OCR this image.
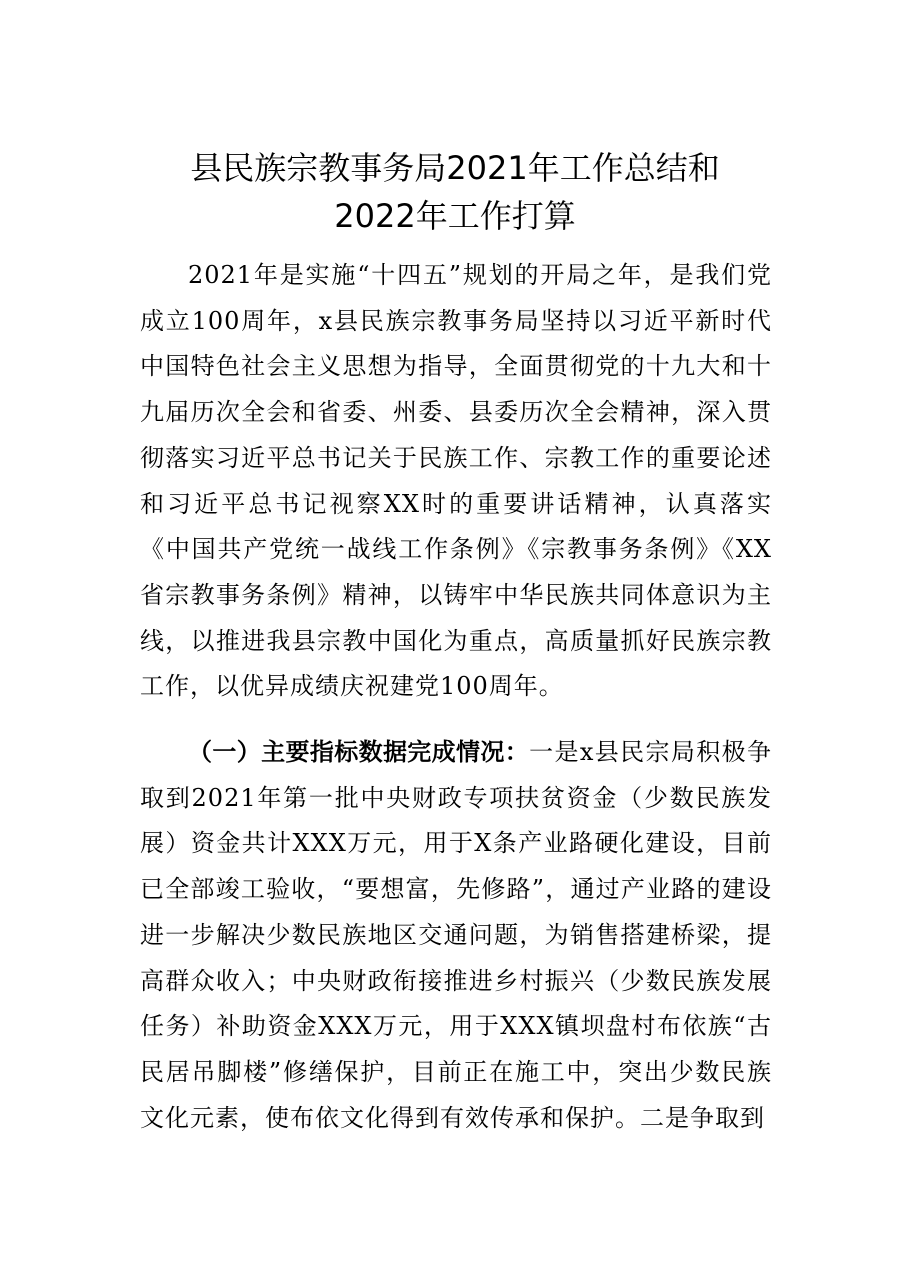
县民族宗教事务局2021年工作总结和
2022年工作打算

2021年是实施“十四五”规划的开局之年，是我们党成立100周年，x县民族宗教事务局坚持以习近平新时代中国特色社会主义思想为指导，全面贯彻党的十九大和十九届历次全会和省委、州委、县委历次全会精神，深入贯彻落实习近平总书记关于民族工作、宗教工作的重要论述和习近平总书记视察XX时的重要讲话精神，认真落实《中国共产党统一战线工作条例》《宗教事务条例》《XX省宗教事务条例》精神，以铸牢中华民族共同体意识为主线，以推进我县宗教中国化为重点，高质量抓好民族宗教工作，以优异成绩庆祝建党100周年。

（一）主要指标数据完成情况：一是x县民宗局积极争取到2021年第一批中央财政专项扶贫资金（少数民族发展）资金共计XXX万元，用于X条产业路硬化建设，目前已全部竣工验收，“要想富，先修路”，通过产业路的建设进一步解决少数民族地区交通问题，为销售搭建桥梁，提高群众收入；中央财政衔接推进乡村振兴（少数民族发展任务）补助资金XXX万元，用于XXX镇坝盘村布依族“古民居吊脚楼”修缮保护，目前正在施工中，突出少数民族文化元素，使布依文化得到有效传承和保护。二是争取到
